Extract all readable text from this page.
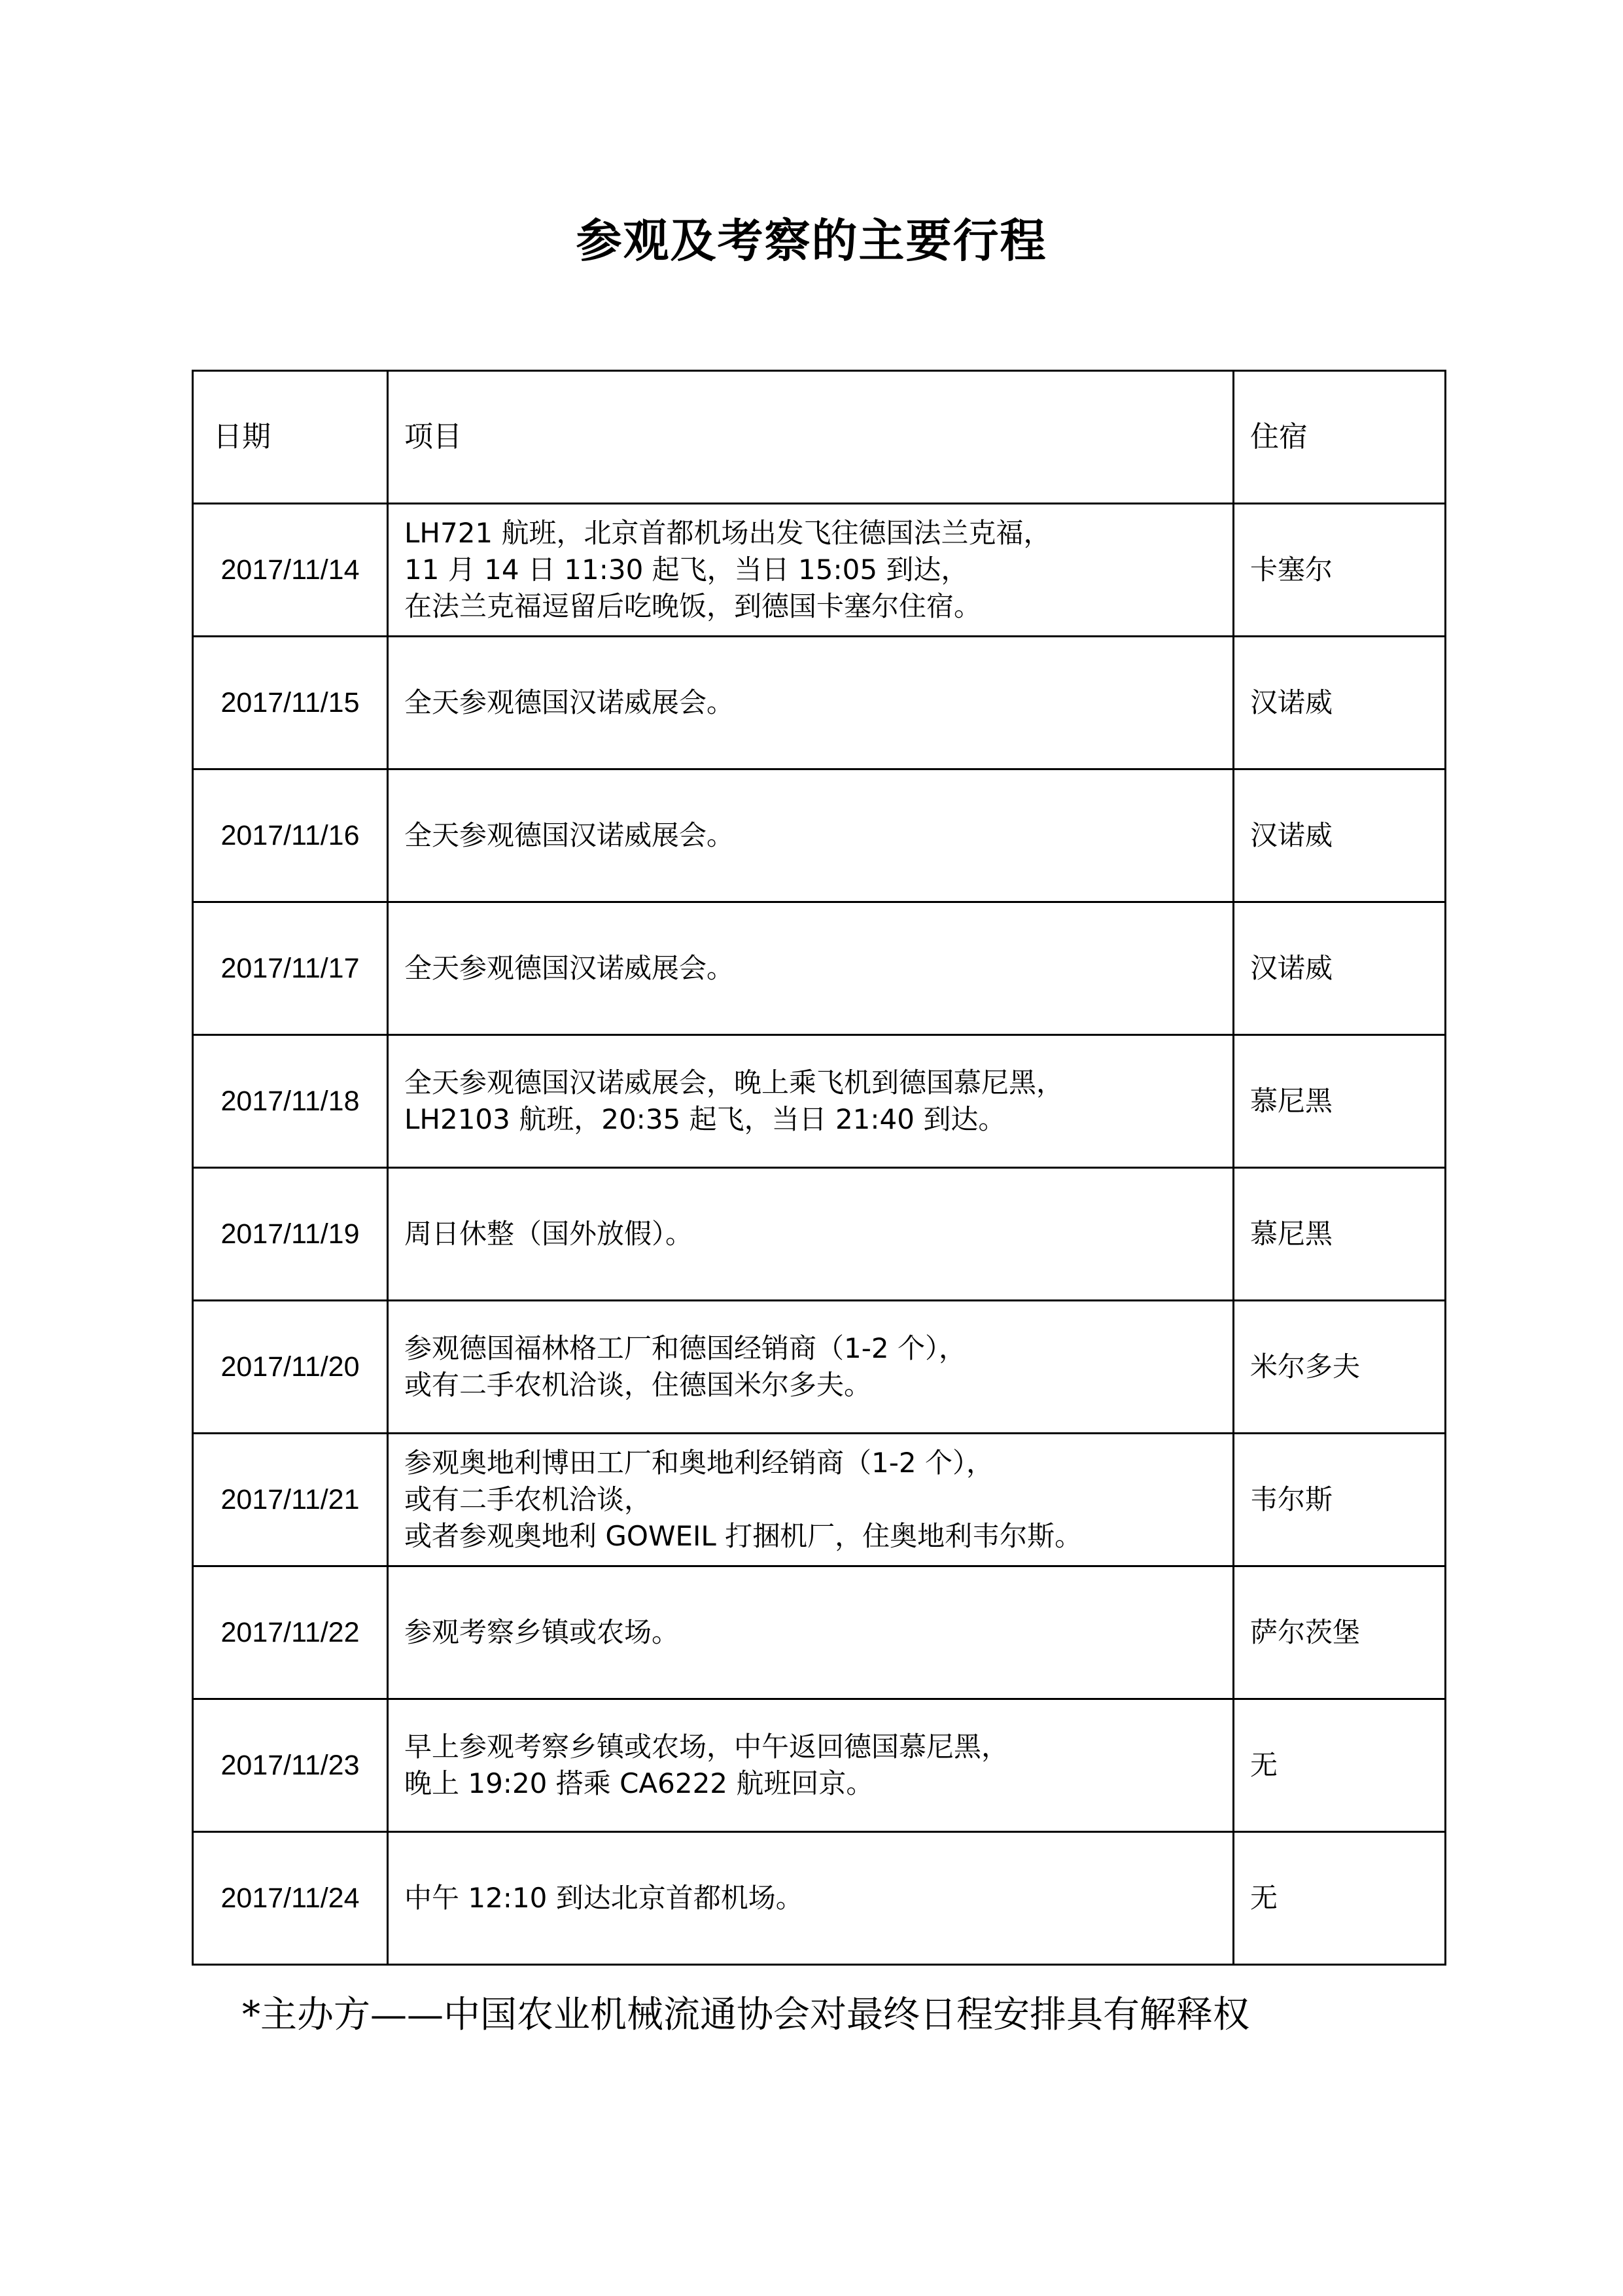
参观及考察的主要行程
日期	项目	住宿
2017/11/14	LH721 航班，北京首都机场出发飞往德国法兰克福，
11 月 14 日 11:30 起飞，当日 15:05 到达，
在法兰克福逗留后吃晚饭，到德国卡塞尔住宿。	卡塞尔
2017/11/15	全天参观德国汉诺威展会。	汉诺威
2017/11/16	全天参观德国汉诺威展会。	汉诺威
2017/11/17	全天参观德国汉诺威展会。	汉诺威
2017/11/18	全天参观德国汉诺威展会，晚上乘飞机到德国慕尼黑，
LH2103 航班，20:35 起飞，当日 21:40 到达。	慕尼黑
2017/11/19	周日休整（国外放假）。	慕尼黑
2017/11/20	参观德国福林格工厂和德国经销商（1-2 个），
或有二手农机洽谈，住德国米尔多夫。	米尔多夫
2017/11/21	参观奥地利博田工厂和奥地利经销商（1-2 个），
或有二手农机洽谈，
或者参观奥地利 GOWEIL 打捆机厂，住奥地利韦尔斯。	韦尔斯
2017/11/22	参观考察乡镇或农场。	萨尔茨堡
2017/11/23	早上参观考察乡镇或农场，中午返回德国慕尼黑，
晚上 19:20 搭乘 CA6222 航班回京。	无
2017/11/24	中午 12:10 到达北京首都机场。	无
*主办方——中国农业机械流通协会对最终日程安排具有解释权
